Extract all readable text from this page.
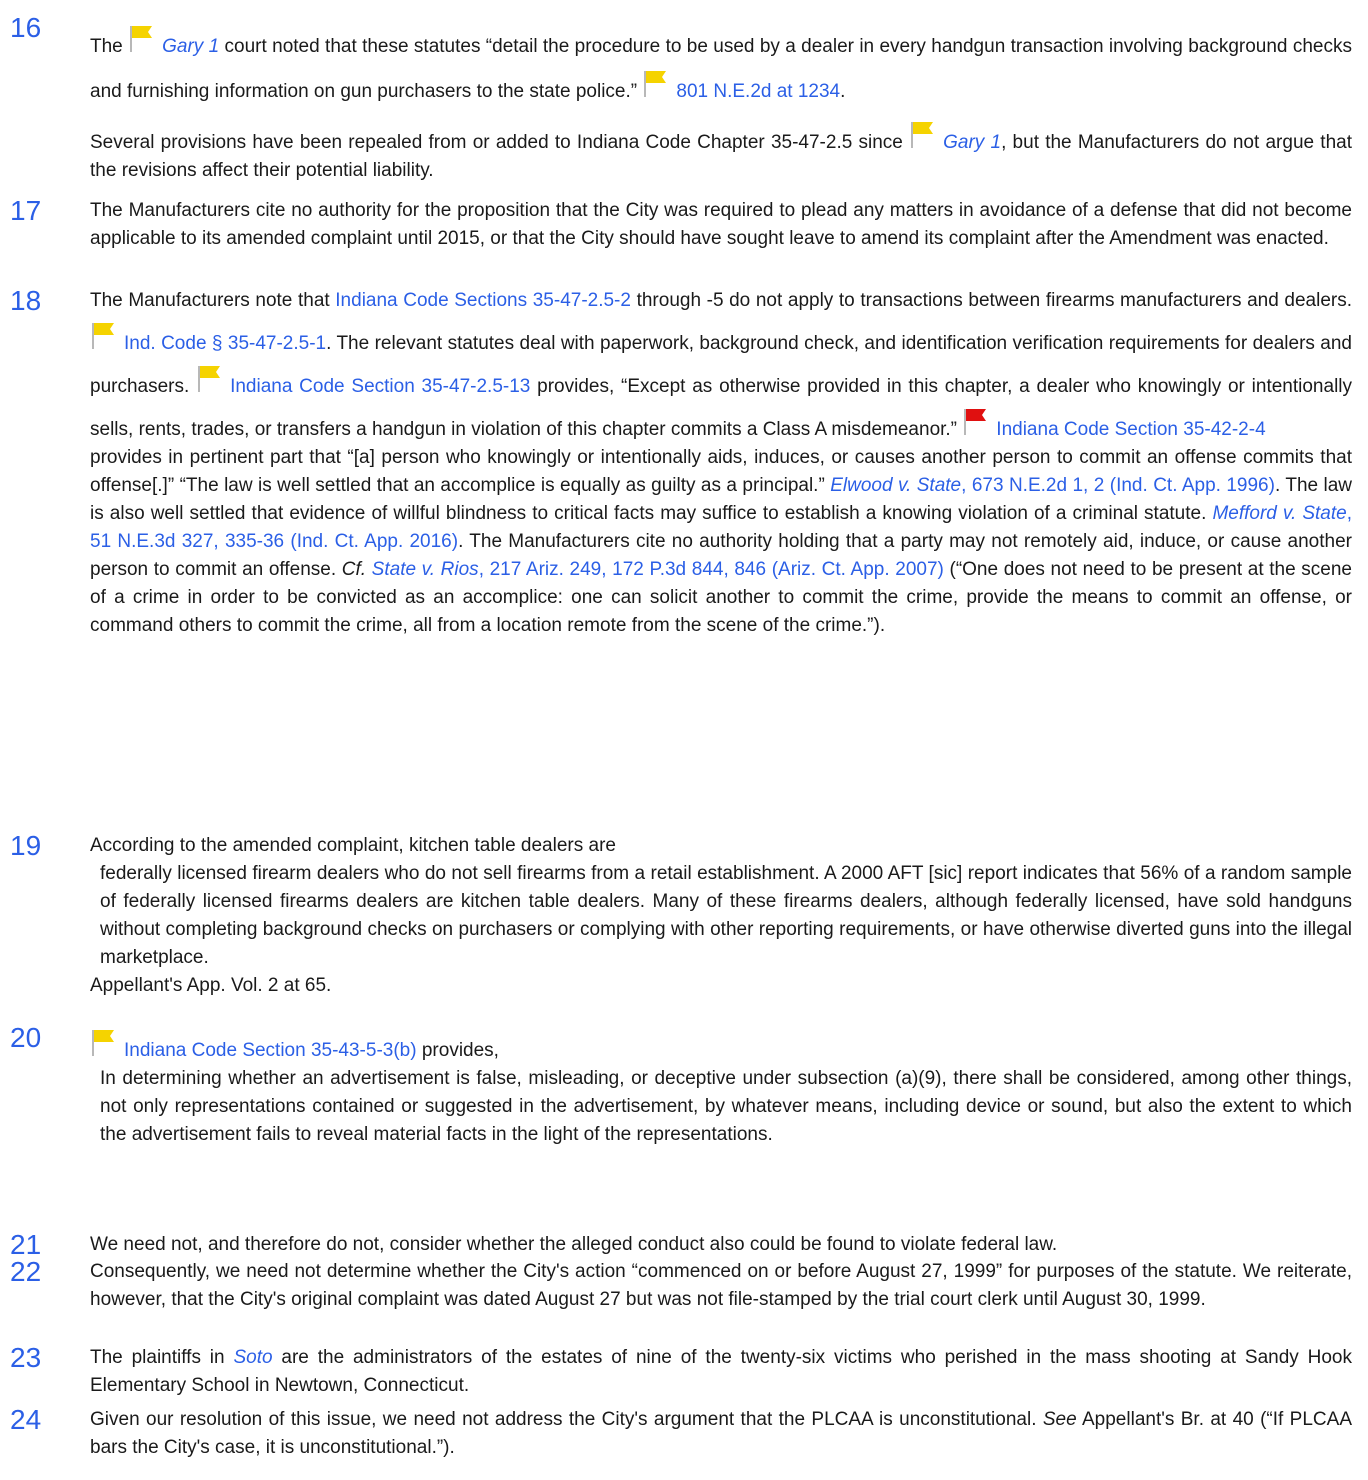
16
The
Gary 1 court noted that these statutes “detail the procedure to be used by a dealer in every handgun transaction involving background checks and furnishing information on gun purchasers to the state police.”
801 N.E.2d at 1234.
Several provisions have been repealed from or added to Indiana Code Chapter 35-47-2.5 since
Gary 1, but the Manufacturers do not argue that the revisions affect their potential liability.
17	The Manufacturers cite no authority for the proposition that the City was required to plead any matters in avoidance of a defense that did not become applicable to its amended complaint until 2015, or that the City should have sought leave to amend its complaint after the Amendment was enacted.

18	The Manufacturers note that Indiana Code Sections 35-47-2.5-2 through -5 do not apply to transactions between firearms manufacturers and dealers.
Ind. Code § 35-47-2.5-1. The relevant statutes deal with paperwork, background check, and identification verification requirements for dealers and purchasers.
Indiana Code Section 35-47-2.5-13 provides, “Except as otherwise provided in this chapter, a dealer who knowingly or intentionally sells, rents, trades, or transfers a handgun in violation of this chapter commits a Class A misdemeanor.”
Indiana Code Section 35-42-2-4
provides in pertinent part that “[a] person who knowingly or intentionally aids, induces, or causes another person to commit an offense commits that offense[.]” “The law is well settled that an accomplice is equally as guilty as a principal.” Elwood v. State, 673 N.E.2d 1, 2 (Ind. Ct. App. 1996). The law is also well settled that evidence of willful blindness to critical facts may suffice to establish a knowing violation of a criminal statute. Mefford v. State, 51 N.E.3d 327, 335-36 (Ind. Ct. App. 2016). The Manufacturers cite no authority holding that a party may not remotely aid, induce, or cause another person to commit an offense. Cf. State v. Rios, 217 Ariz. 249, 172 P.3d 844, 846 (Ariz. Ct. App. 2007) (“One does not need to be present at the scene of a crime in order to be convicted as an accomplice: one can solicit another to commit the crime, provide the means to commit an offense, or command others to commit the crime, all from a location remote from the scene of the crime.”).
19	According to the amended complaint, kitchen table dealers are
federally licensed firearm dealers who do not sell firearms from a retail establishment. A 2000 AFT [sic] report indicates that 56% of a random sample of federally licensed firearms dealers are kitchen table dealers. Many of these firearms dealers, although federally licensed, have sold handguns without completing background checks on purchasers or complying with other reporting requirements, or have otherwise diverted guns into the illegal marketplace.
Appellant's App. Vol. 2 at 65.
20	Indiana Code Section 35-43-5-3(b) provides,
In determining whether an advertisement is false, misleading, or deceptive under subsection (a)(9), there shall be considered, among other things, not only representations contained or suggested in the advertisement, by whatever means, including device or sound, but also the extent to which the advertisement fails to reveal material facts in the light of the representations.
21	We need not, and therefore do not, consider whether the alleged conduct also could be found to violate federal law.

22	Consequently, we need not determine whether the City's action “commenced on or before August 27, 1999” for purposes of the statute. We reiterate, however, that the City's original complaint was dated August 27 but was not file-stamped by the trial court clerk until August 30, 1999.

23	The plaintiffs in Soto are the administrators of the estates of nine of the twenty-six victims who perished in the mass shooting at Sandy Hook Elementary School in Newtown, Connecticut.

24	Given our resolution of this issue, we need not address the City's argument that the PLCAA is unconstitutional. See Appellant's Br. at 40 (“If PLCAA bars the City's case, it is unconstitutional.”).
